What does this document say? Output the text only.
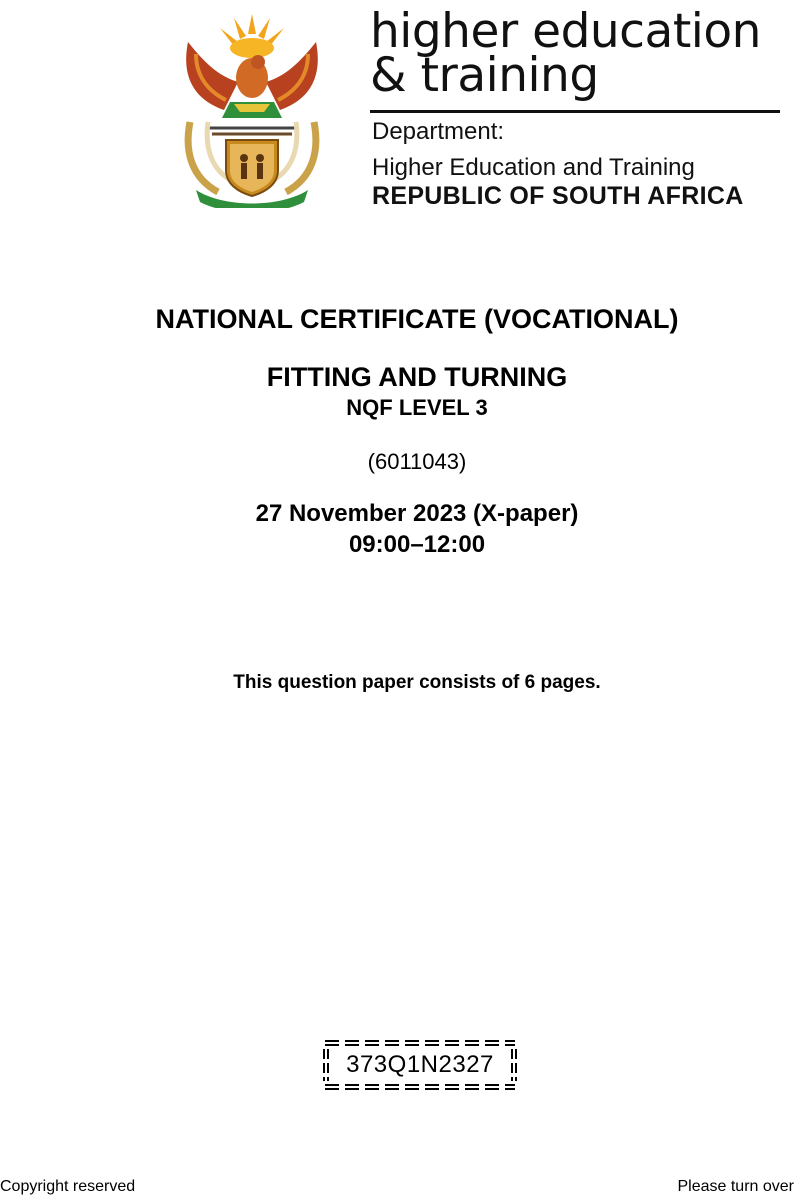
higher education
& training
Department:
Higher Education and Training
REPUBLIC OF SOUTH AFRICA
NATIONAL CERTIFICATE (VOCATIONAL)
FITTING AND TURNING
NQF LEVEL 3
(6011043)
27 November 2023 (X-paper)
09:00–12:00
This question paper consists of 6 pages.
373Q1N2327
Copyright reserved	Please turn over
